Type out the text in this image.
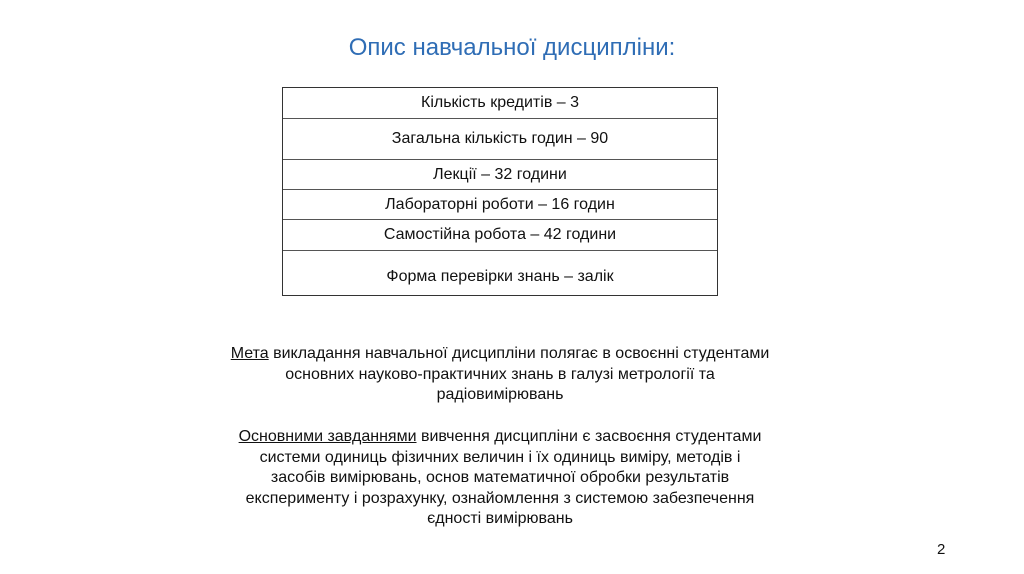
Опис навчальної дисципліни:
Кількість кредитів – 3
Загальна кількість годин – 90
Лекції – 32 години
Лабораторні роботи – 16 годин
Самостійна робота – 42 години
Форма перевірки знань – залік
Мета викладання навчальної дисципліни полягає в освоєнні студентами
основних науково-практичних знань в галузі метрології та
радіовимірювань
Основними завданнями вивчення дисципліни є засвоєння студентами
системи одиниць фізичних величин і їх одиниць виміру, методів і
засобів вимірювань, основ математичної обробки результатів
експерименту і розрахунку, ознайомлення з системою забезпечення
єдності вимірювань
2
